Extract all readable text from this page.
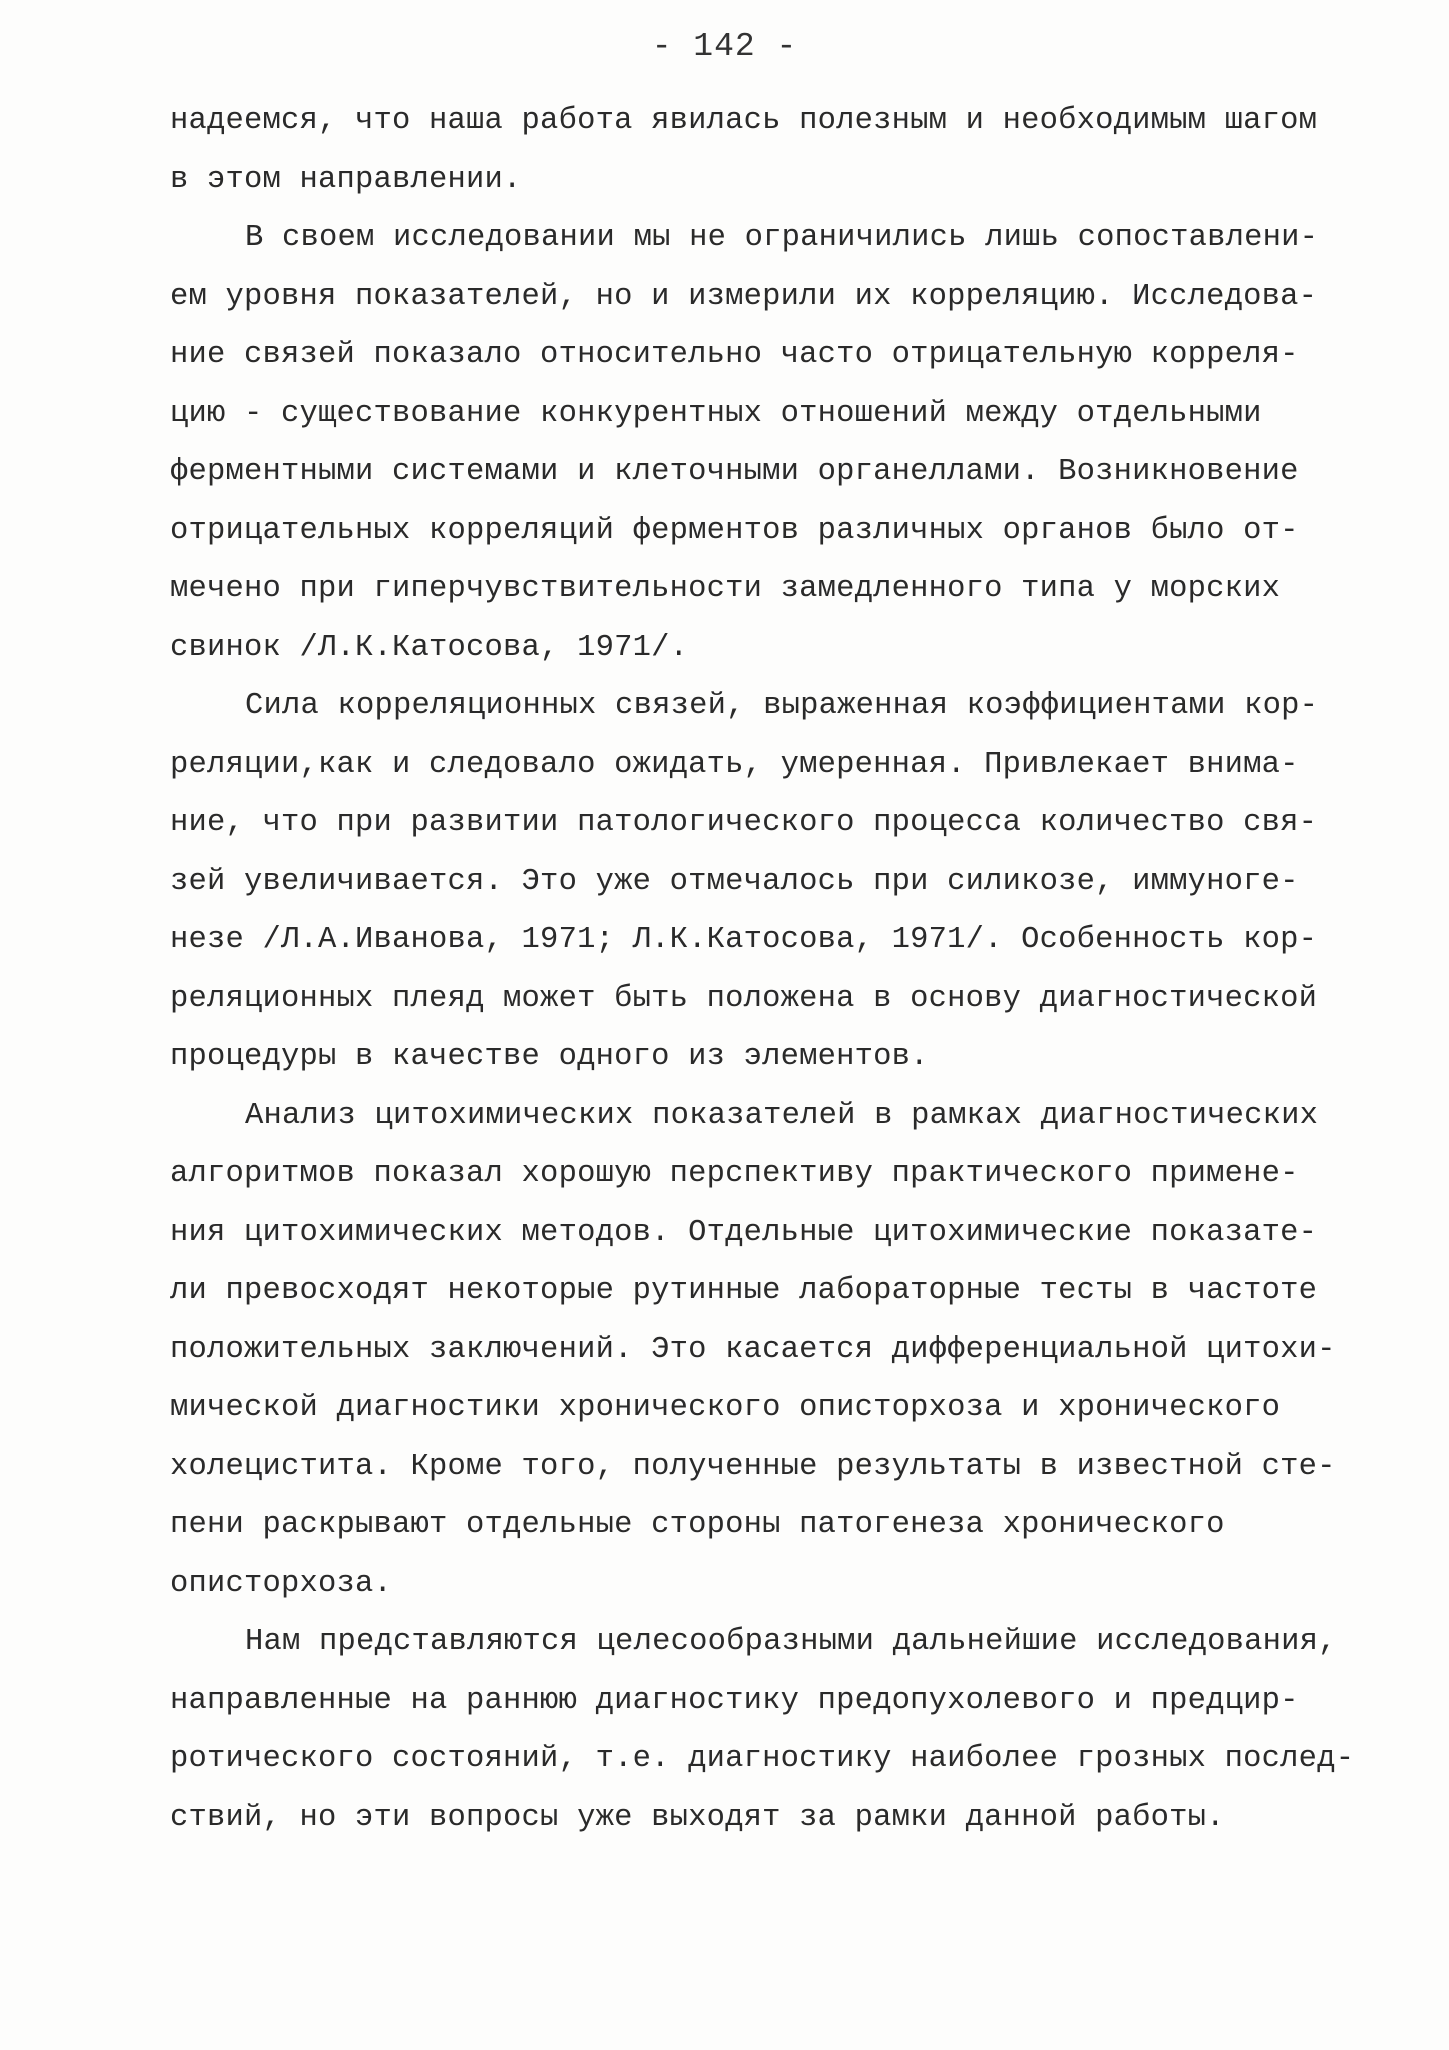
- 142 -
надеемся, что наша работа явилась полезным и необходимым шагом
в этом направлении.
В своем исследовании мы не ограничились лишь сопоставлени-
ем уровня показателей, но и измерили их корреляцию. Исследова-
ние связей показало относительно часто отрицательную корреля-
цию - существование конкурентных отношений между отдельными
ферментными системами и клеточными органеллами. Возникновение
отрицательных корреляций ферментов различных органов было от-
мечено при гиперчувствительности замедленного типа у морских
свинок /Л.К.Катосова, 1971/.
Сила корреляционных связей, выраженная коэффициентами кор-
реляции,как и следовало ожидать, умеренная. Привлекает внима-
ние, что при развитии патологического процесса количество свя-
зей увеличивается. Это уже отмечалось при силикозе, иммуноге-
незе /Л.А.Иванова, 1971; Л.К.Катосова, 1971/. Особенность кор-
реляционных плеяд может быть положена в основу диагностической
процедуры в качестве одного из элементов.
Анализ цитохимических показателей в рамках диагностических
алгоритмов показал хорошую перспективу практического примене-
ния цитохимических методов. Отдельные цитохимические показате-
ли превосходят некоторые рутинные лабораторные тесты в частоте
положительных заключений. Это касается дифференциальной цитохи-
мической диагностики хронического описторхоза и хронического
холецистита. Кроме того, полученные результаты в известной сте-
пени раскрывают отдельные стороны патогенеза хронического
описторхоза.
Нам представляются целесообразными дальнейшие исследования,
направленные на раннюю диагностику предопухолевого и предцир-
ротического состояний, т.е. диагностику наиболее грозных послед-
ствий, но эти вопросы уже выходят за рамки данной работы.
